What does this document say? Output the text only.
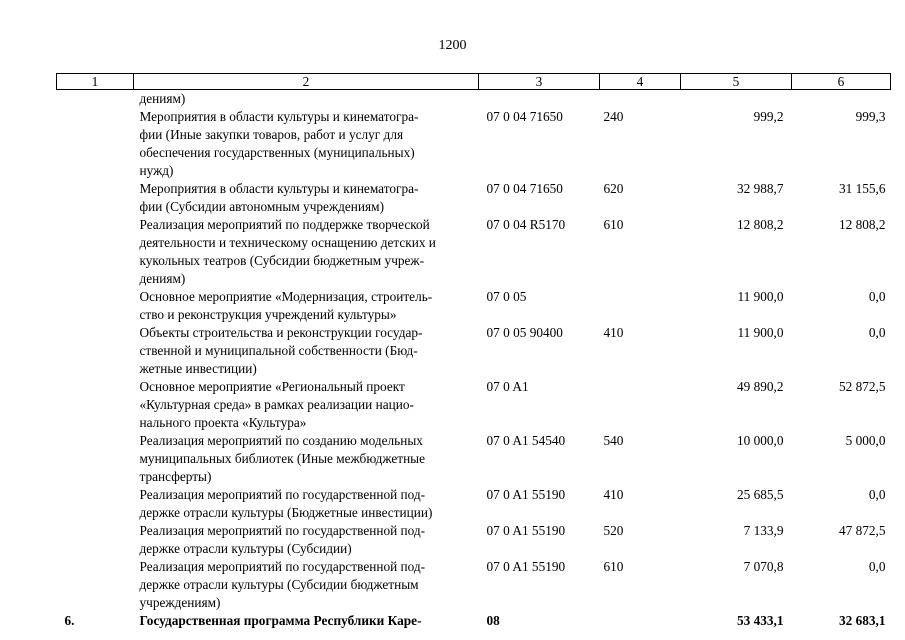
1200
1	2	3	4	5	6

	дениям)				

	Мероприятия в области культуры и кинематогра-
фии (Иные закупки товаров, работ и услуг для
обеспечения государственных (муниципальных)
нужд)	07 0 04 71650	240	999,2	999,3

	Мероприятия в области культуры и кинематогра-
фии (Субсидии автономным учреждениям)	07 0 04 71650	620	32 988,7	31 155,6

	Реализация мероприятий по поддержке творческой
деятельности и техническому оснащению детских и
кукольных театров (Субсидии бюджетным учреж-
дениям)	07 0 04 R5170	610	12 808,2	12 808,2

	Основное мероприятие «Модернизация, строитель-
ство и реконструкция учреждений культуры»	07 0 05		11 900,0	0,0

	Объекты строительства и реконструкции государ-
ственной и муниципальной собственности (Бюд-
жетные инвестиции)	07 0 05 90400	410	11 900,0	0,0

	Основное мероприятие «Региональный проект
«Культурная среда» в рамках реализации нацио-
нального проекта «Культура»	07 0 A1		49 890,2	52 872,5

	Реализация мероприятий по созданию модельных
муниципальных библиотек (Иные межбюджетные
трансферты)	07 0 A1 54540	540	10 000,0	5 000,0

	Реализация мероприятий по государственной под-
держке отрасли культуры (Бюджетные инвестиции)	07 0 A1 55190	410	25 685,5	0,0

	Реализация мероприятий по государственной под-
держке отрасли культуры (Субсидии)	07 0 A1 55190	520	7 133,9	47 872,5

	Реализация мероприятий по государственной под-
держке отрасли культуры (Субсидии бюджетным
учреждениям)	07 0 A1 55190	610	7 070,8	0,0
6.	Государственная программа Республики Каре-	08		53 433,1	32 683,1
